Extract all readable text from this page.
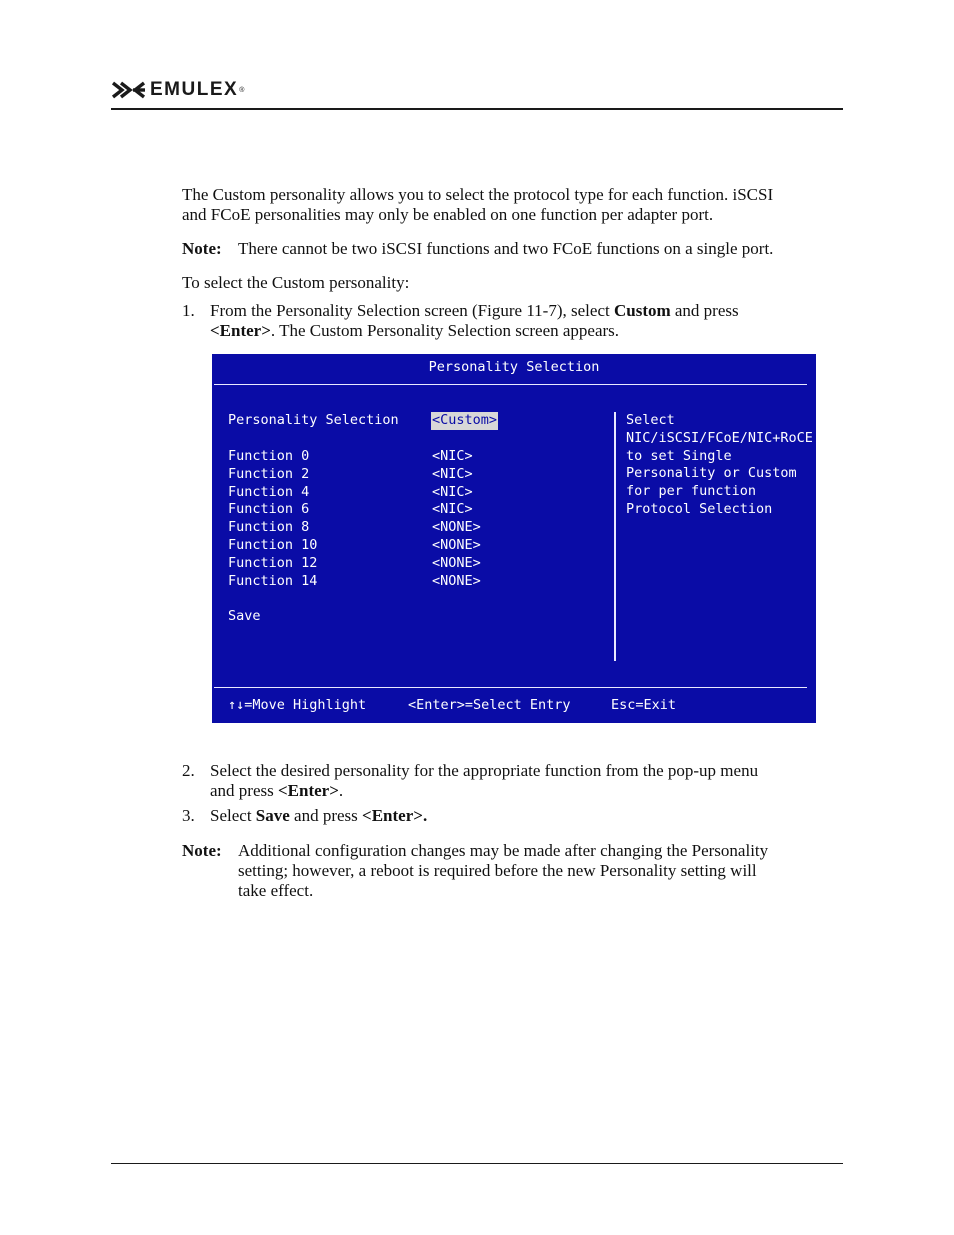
EMULEX ®
The Custom personality allows you to select the protocol type for each function. iSCSI
and FCoE personalities may only be enabled on one function per adapter port.
Note: There cannot be two iSCSI functions and two FCoE functions on a single port.
To select the Custom personality:
1. From the Personality Selection screen (Figure 11-7), select Custom and press
<Enter>. The Custom Personality Selection screen appears.
Personality Selection
Personality Selection <Custom>
Function 0	<NIC>
Function 2	<NIC>
Function 4	<NIC>
Function 6	<NIC>
Function 8	<NONE>
Function 10	<NONE>
Function 12	<NONE>
Function 14	<NONE>
Save
Select
NIC/iSCSI/FCoE/NIC+RoCE
to set Single
Personality or Custom
for per function
Protocol Selection
↑↓=Move Highlight	<Enter>=Select Entry	Esc=Exit
2. Select the desired personality for the appropriate function from the pop-up menu
and press <Enter>.
3. Select Save and press <Enter>.
Note: Additional configuration changes may be made after changing the Personality
setting; however, a reboot is required before the new Personality setting will
take effect.
